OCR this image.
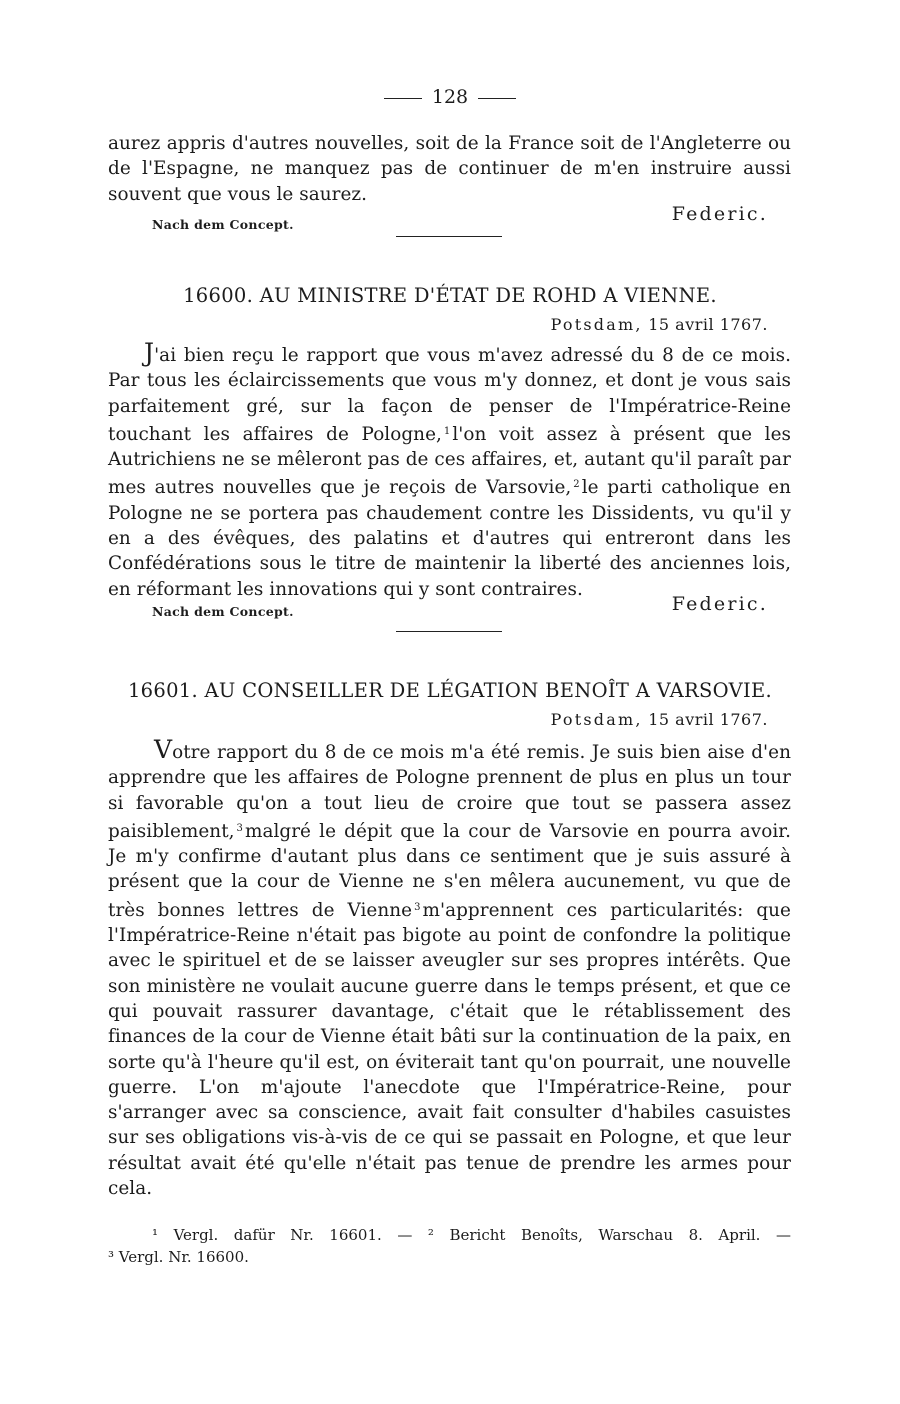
128
aurez appris d'autres nouvelles, soit de la France soit de l'Angleterre ou de l'Espagne, ne manquez pas de continuer de m'en instruire aussi souvent que vous le saurez.
Nach dem Concept.	Federic.
16600. AU MINISTRE D'ÉTAT DE ROHD A VIENNE.
Potsdam, 15 avril 1767.
J'ai bien reçu le rapport que vous m'avez adressé du 8 de ce mois. Par tous les éclaircissements que vous m'y donnez, et dont je vous sais parfaitement gré, sur la façon de penser de l'Impératrice-Reine touchant les affaires de Pologne, $^1$ l'on voit assez à présent que les Autrichiens ne se mêleront pas de ces affaires, et, autant qu'il paraît par mes autres nouvelles que je reçois de Varsovie, $^2$ le parti catholique en Pologne ne se portera pas chaudement contre les Dissidents, vu qu'il y en a des évêques, des palatins et d'autres qui entreront dans les Confédérations sous le titre de maintenir la liberté des anciennes lois, en réformant les innovations qui y sont contraires.
Nach dem Concept.	Federic.
16601. AU CONSEILLER DE LÉGATION BENOÎT A VARSOVIE.
Potsdam, 15 avril 1767.
Votre rapport du 8 de ce mois m'a été remis. Je suis bien aise d'en apprendre que les affaires de Pologne prennent de plus en plus un tour si favorable qu'on a tout lieu de croire que tout se passera assez paisiblement, $^3$ malgré le dépit que la cour de Varsovie en pourra avoir. Je m'y confirme d'autant plus dans ce sentiment que je suis assuré à présent que la cour de Vienne ne s'en mêlera aucunement, vu que de très bonnes lettres de Vienne $^3$ m'apprennent ces particularités: que l'Impératrice-Reine n'était pas bigote au point de confondre la politique avec le spirituel et de se laisser aveugler sur ses propres intérêts. Que son ministère ne voulait aucune guerre dans le temps présent, et que ce qui pouvait rassurer davantage, c'était que le rétablissement des finances de la cour de Vienne était bâti sur la continuation de la paix, en sorte qu'à l'heure qu'il est, on éviterait tant qu'on pourrait, une nouvelle guerre. L'on m'ajoute l'anecdote que l'Impératrice-Reine, pour s'arranger avec sa conscience, avait fait consulter d'habiles casuistes sur ses obligations vis-à-vis de ce qui se passait en Pologne, et que leur résultat avait été qu'elle n'était pas tenue de prendre les armes pour cela.
¹ Vergl. dafür Nr. 16601. — ² Bericht Benoîts, Warschau 8. April. —
³ Vergl. Nr. 16600.
